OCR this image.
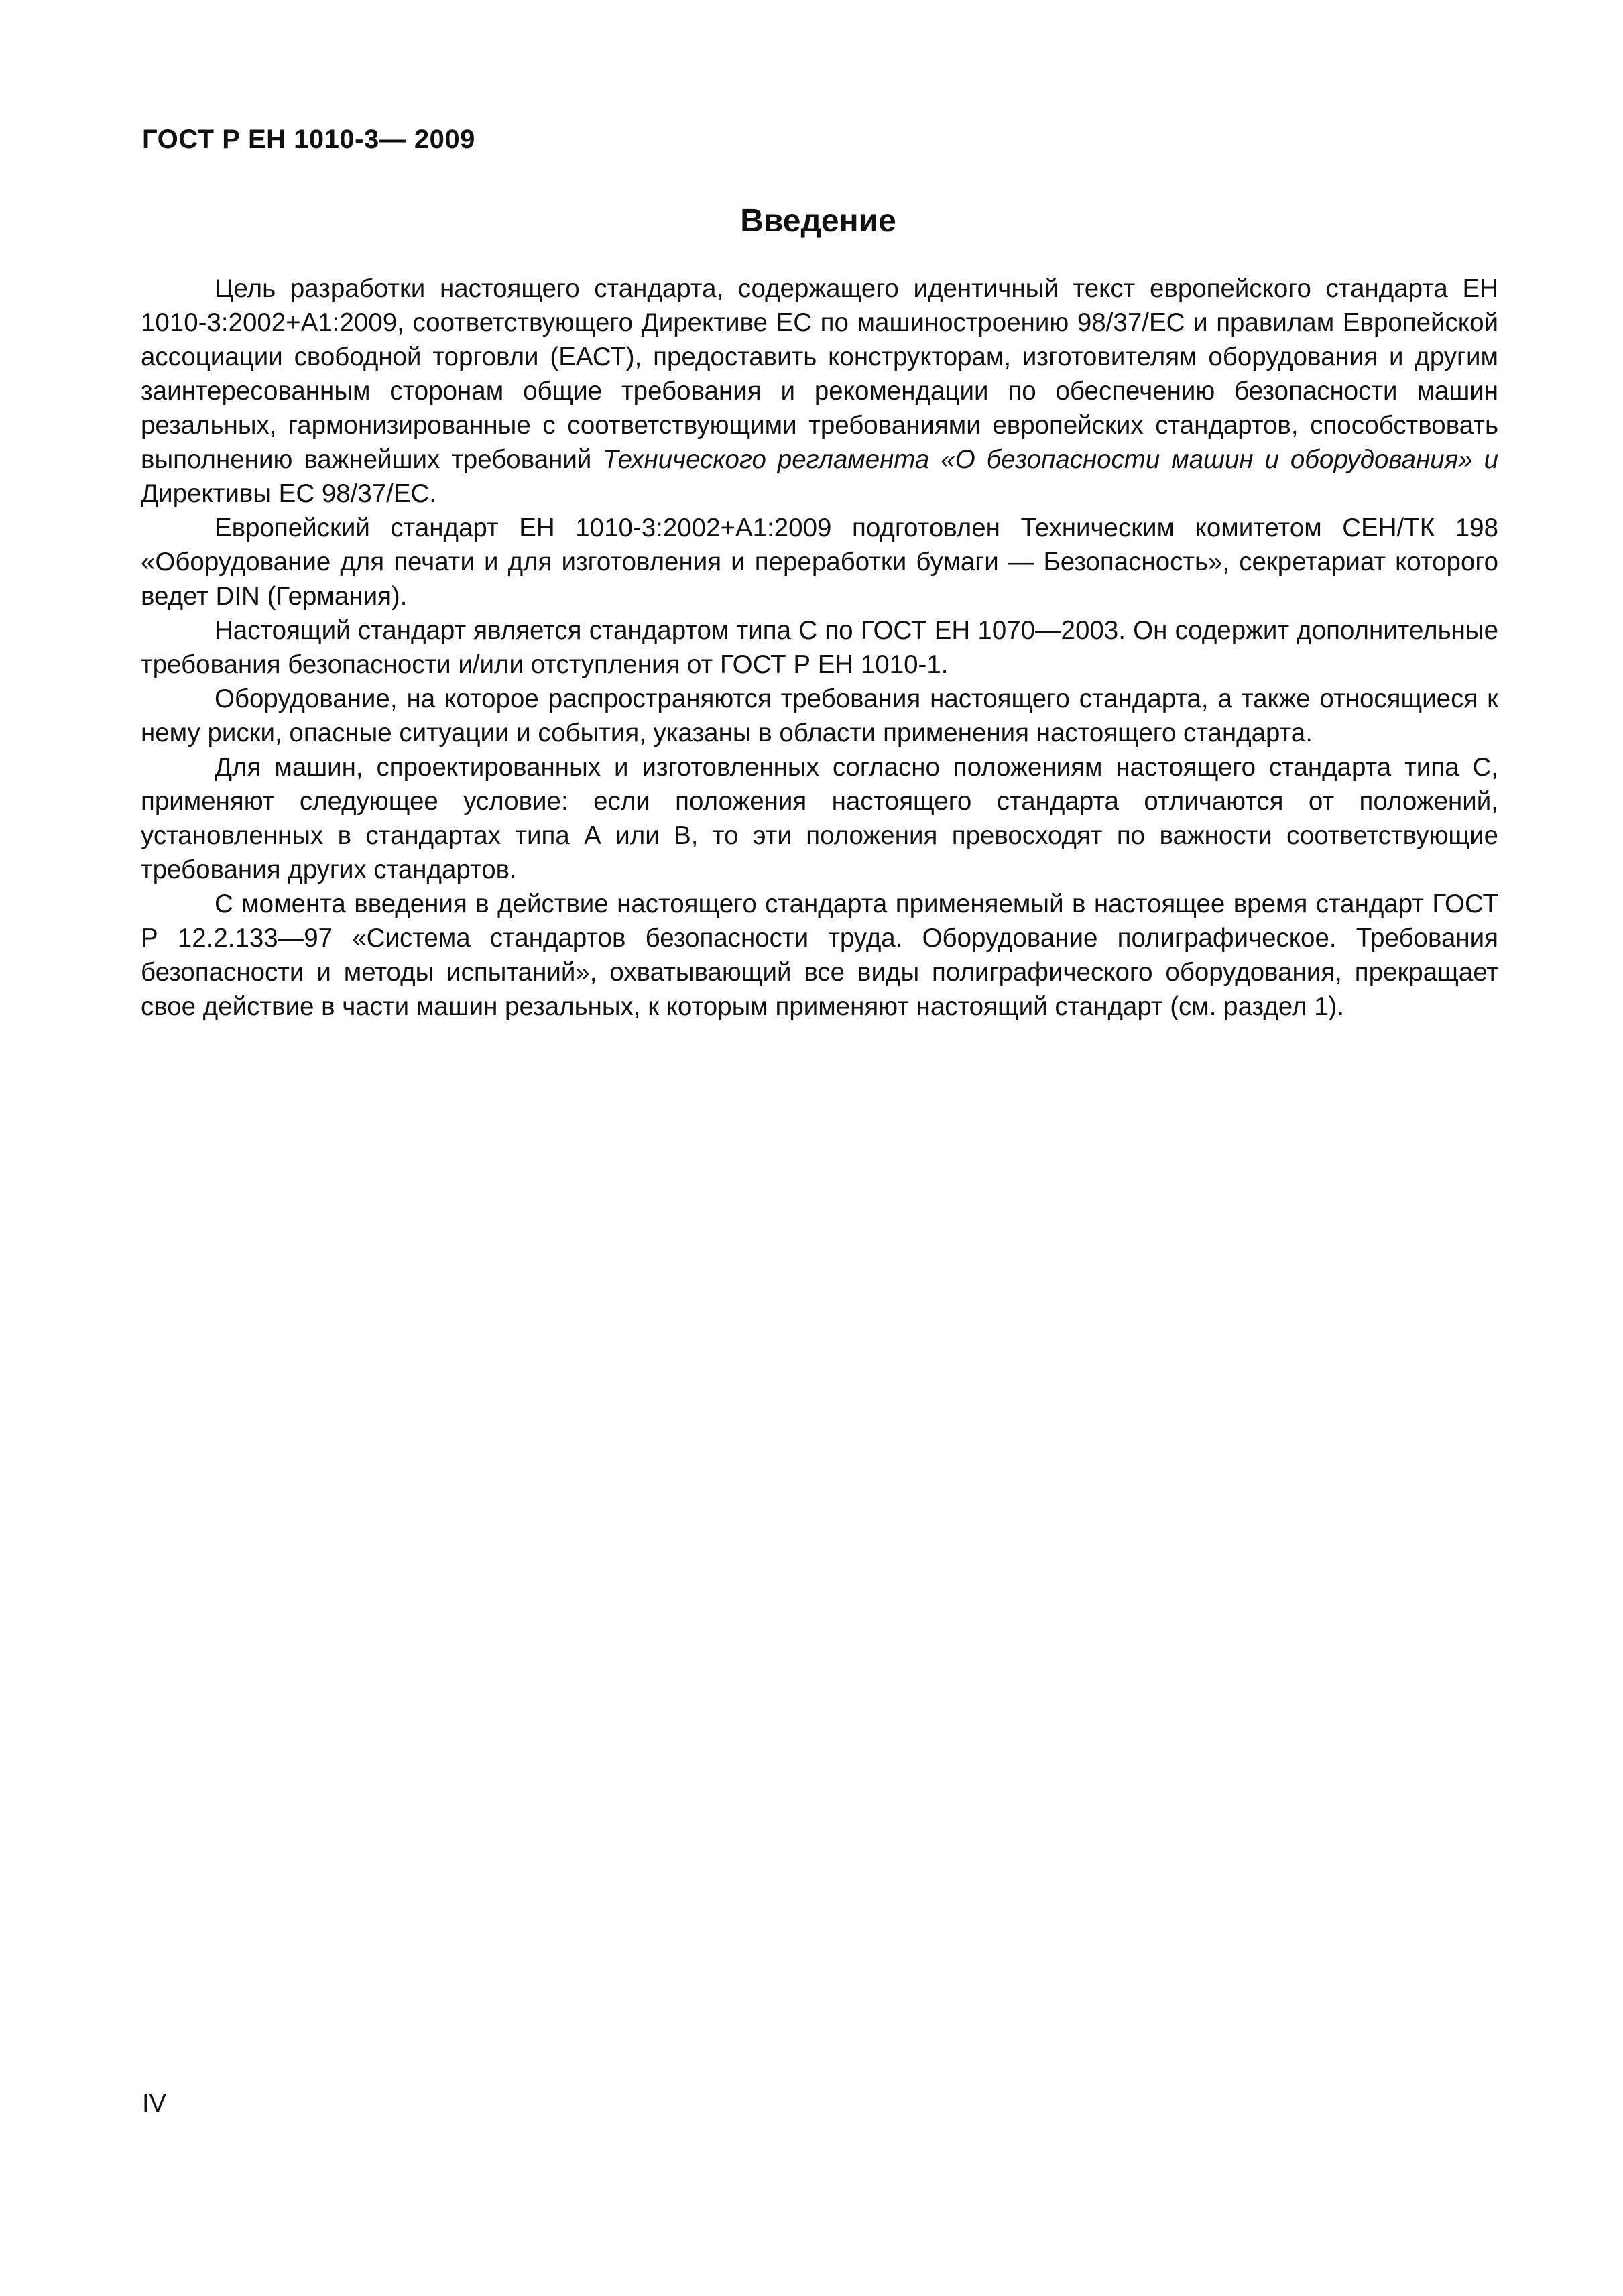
ГОСТ Р ЕН 1010-3— 2009
Введение

Цель разработки настоящего стандарта, содержащего идентичный текст европейского стандарта ЕН 1010-3:2002+А1:2009, соответствующего Директиве ЕС по машиностроению 98/37/ЕС и правилам Европейской ассоциации свободной торговли (ЕАСТ), предоставить конструкторам, изготовителям оборудования и другим заинтересованным сторонам общие требования и рекомендации по обеспечению безопасности машин резальных, гармонизированные с соответствующими требованиями европейских стандартов, способствовать выполнению важнейших требований Технического регламента «О безопасности машин и оборудования» и Директивы ЕС 98/37/ЕС.

Европейский стандарт ЕН 1010-3:2002+А1:2009 подготовлен Техническим комитетом СЕН/ТК 198 «Оборудование для печати и для изготовления и переработки бумаги — Безопасность», секретариат которого ведет DIN (Германия).

Настоящий стандарт является стандартом типа С по ГОСТ ЕН 1070—2003. Он содержит дополнительные требования безопасности и/или отступления от ГОСТ Р ЕН 1010-1.

Оборудование, на которое распространяются требования настоящего стандарта, а также относящиеся к нему риски, опасные ситуации и события, указаны в области применения настоящего стандарта.

Для машин, спроектированных и изготовленных согласно положениям настоящего стандарта типа С, применяют следующее условие: если положения настоящего стандарта отличаются от положений, установленных в стандартах типа А или В, то эти положения превосходят по важности соответствующие требования других стандартов.

С момента введения в действие настоящего стандарта применяемый в настоящее время стандарт ГОСТ Р 12.2.133—97 «Система стандартов безопасности труда. Оборудование полиграфическое. Требования безопасности и методы испытаний», охватывающий все виды полиграфического оборудования, прекращает свое действие в части машин резальных, к которым применяют настоящий стандарт (см. раздел 1).

IV
